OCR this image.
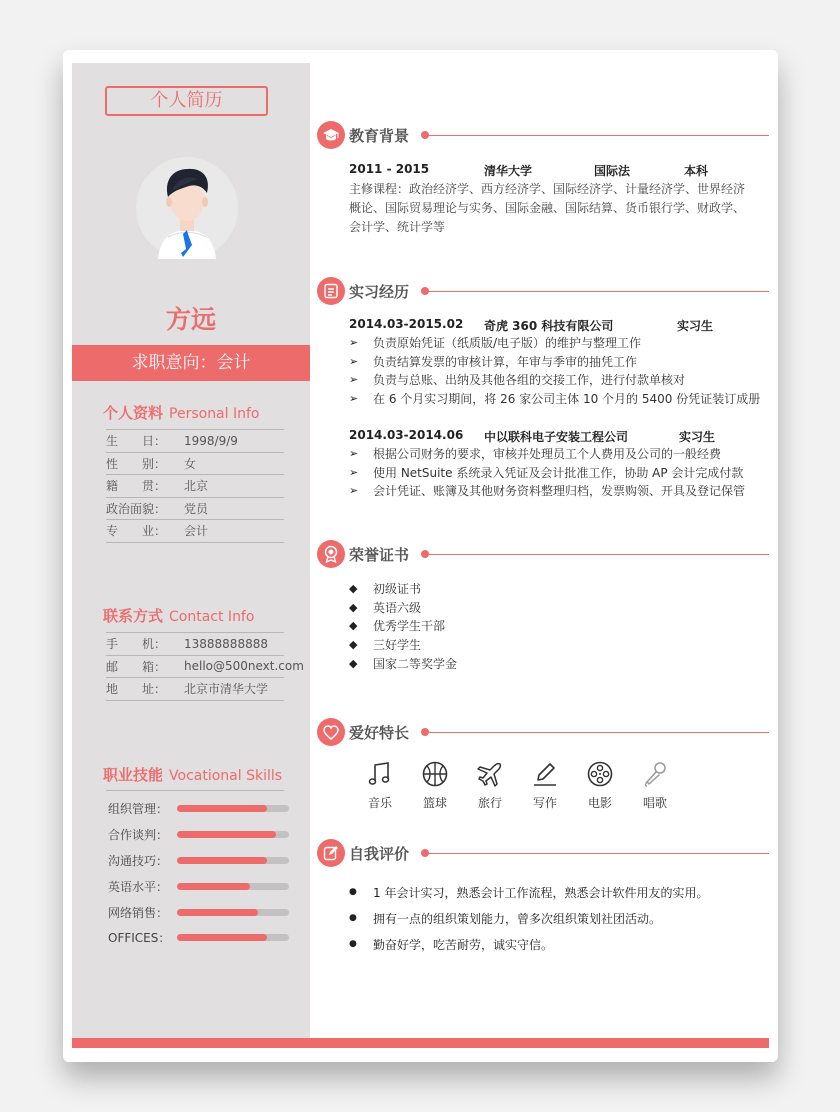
个人简历
方远
求职意向：会计
个人资料 Personal Info
生　　日：	1998/9/9
性　　别：	女
籍　　贯：	北京
政治面貌：	党员
专　　业：	会计
联系方式 Contact Info
手　　机：	13888888888
邮　　箱：	hello@500next.com
地　　址：	北京市清华大学
职业技能 Vocational Skills
组织管理：
合作谈判：
沟通技巧：
英语水平：
网络销售：
OFFICES：
教育背景
2011 - 2015	清华大学	国际法	本科
主修课程：政治经济学、西方经济学、国际经济学、计量经济学、世界经济概论、国际贸易理论与实务、国际金融、国际结算、货币银行学、财政学、会计学、统计学等
实习经历
2014.03-2015.02 奇虎 360 科技有限公司	实习生
➢	负责原始凭证（纸质版/电子版）的维护与整理工作
➢	负责结算发票的审核计算，年审与季审的抽凭工作
➢	负责与总账、出纳及其他各组的交接工作，进行付款单核对
➢	在 6 个月实习期间，将 26 家公司主体 10 个月的 5400 份凭证装订成册
2014.03-2014.06 中以联科电子安装工程公司	实习生
➢	根据公司财务的要求，审核并处理员工个人费用及公司的一般经费
➢	使用 NetSuite 系统录入凭证及会计批准工作，协助 AP 会计完成付款
➢	会计凭证、账簿及其他财务资料整理归档，发票购领、开具及登记保管
荣誉证书
◆	初级证书
◆	英语六级
◆	优秀学生干部
◆	三好学生
◆	国家二等奖学金
爱好特长
音乐	篮球	旅行	写作	电影	唱歌
自我评价
●	1 年会计实习，熟悉会计工作流程，熟悉会计软件用友的实用。
●	拥有一点的组织策划能力，曾多次组织策划社团活动。
●	勤奋好学，吃苦耐劳，诚实守信。
